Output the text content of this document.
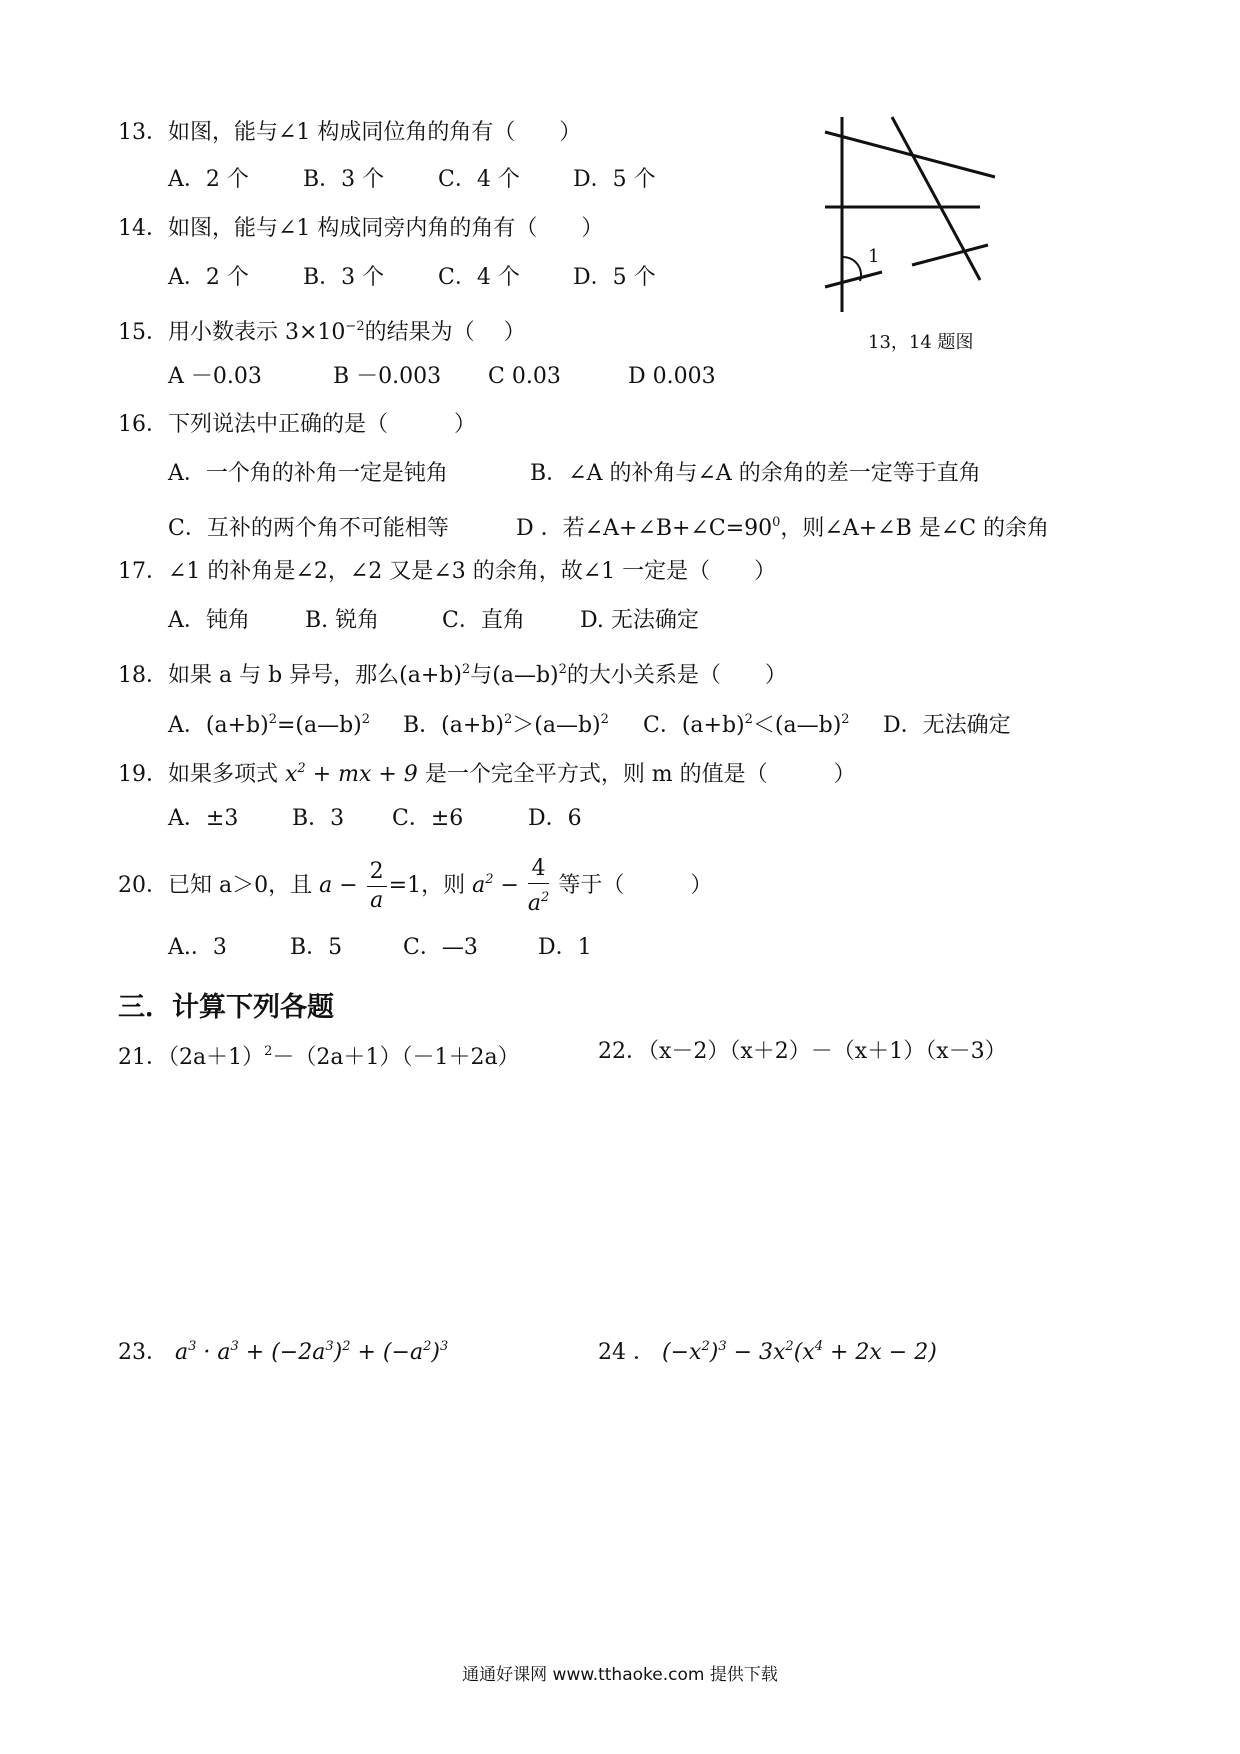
13．如图，能与∠1 构成同位角的角有（　　）
A．2 个 B．3 个 C．4 个 D．5 个
14．如图，能与∠1 构成同旁内角的角有（　　）
A．2 个 B．3 个 C．4 个 D．5 个
15．用小数表示 $3\times 10^{-2}$的结果为（　 ）
A －0.03	B －0.003 C 0.03	D 0.003
16．下列说法中正确的是（　　　）
A．一个角的补角一定是钝角	B．∠A 的补角与∠A 的余角的差一定等于直角
C．互补的两个角不可能相等	D ．若$\angle A+\angle B+\angle C=90^0$，则∠A+∠B 是∠C 的余角
17．∠1 的补角是∠2，∠2 又是∠3 的余角，故∠1 一定是（　　）
A．钝角	B. 锐角	C．直角	D. 无法确定
18．如果 a 与 b 异号，那么$(a+b)^2$与(a—b)$^2$的大小关系是（　　）
A．$(a+b)^2=(a—b)^2$ B．$(a+b)^2>(a—b)^2$ C．$(a+b)^2<(a—b)^2$ D．无法确定
19．如果多项式 $x^2$ + mx + 9 是一个完全平方式，则 m 的值是（　　　）
A．±3 B．3 C．±6	D．6
20．已知 a＞0，且 $a - \frac{2}{a} =1$，则 $a^2 - \frac{4}{a^2}$ 等于（　　　）
A.．3	B．5	C．—3	D．1
三．计算下列各题
21．$(2a+1)^2-(2a+1)(-1+2a)$	22．（x－2）（x＋2）－（x＋1）（x－3）
23． $a^3 \cdot a^3 + (-2a^3)^2 + (-a^2)^3$	24 ． $(-x^2)^3 - 3x^2(x^4 + 2x - 2)$
1
13，14 题图
通通好课网 www.tthaoke.com 提供下载
